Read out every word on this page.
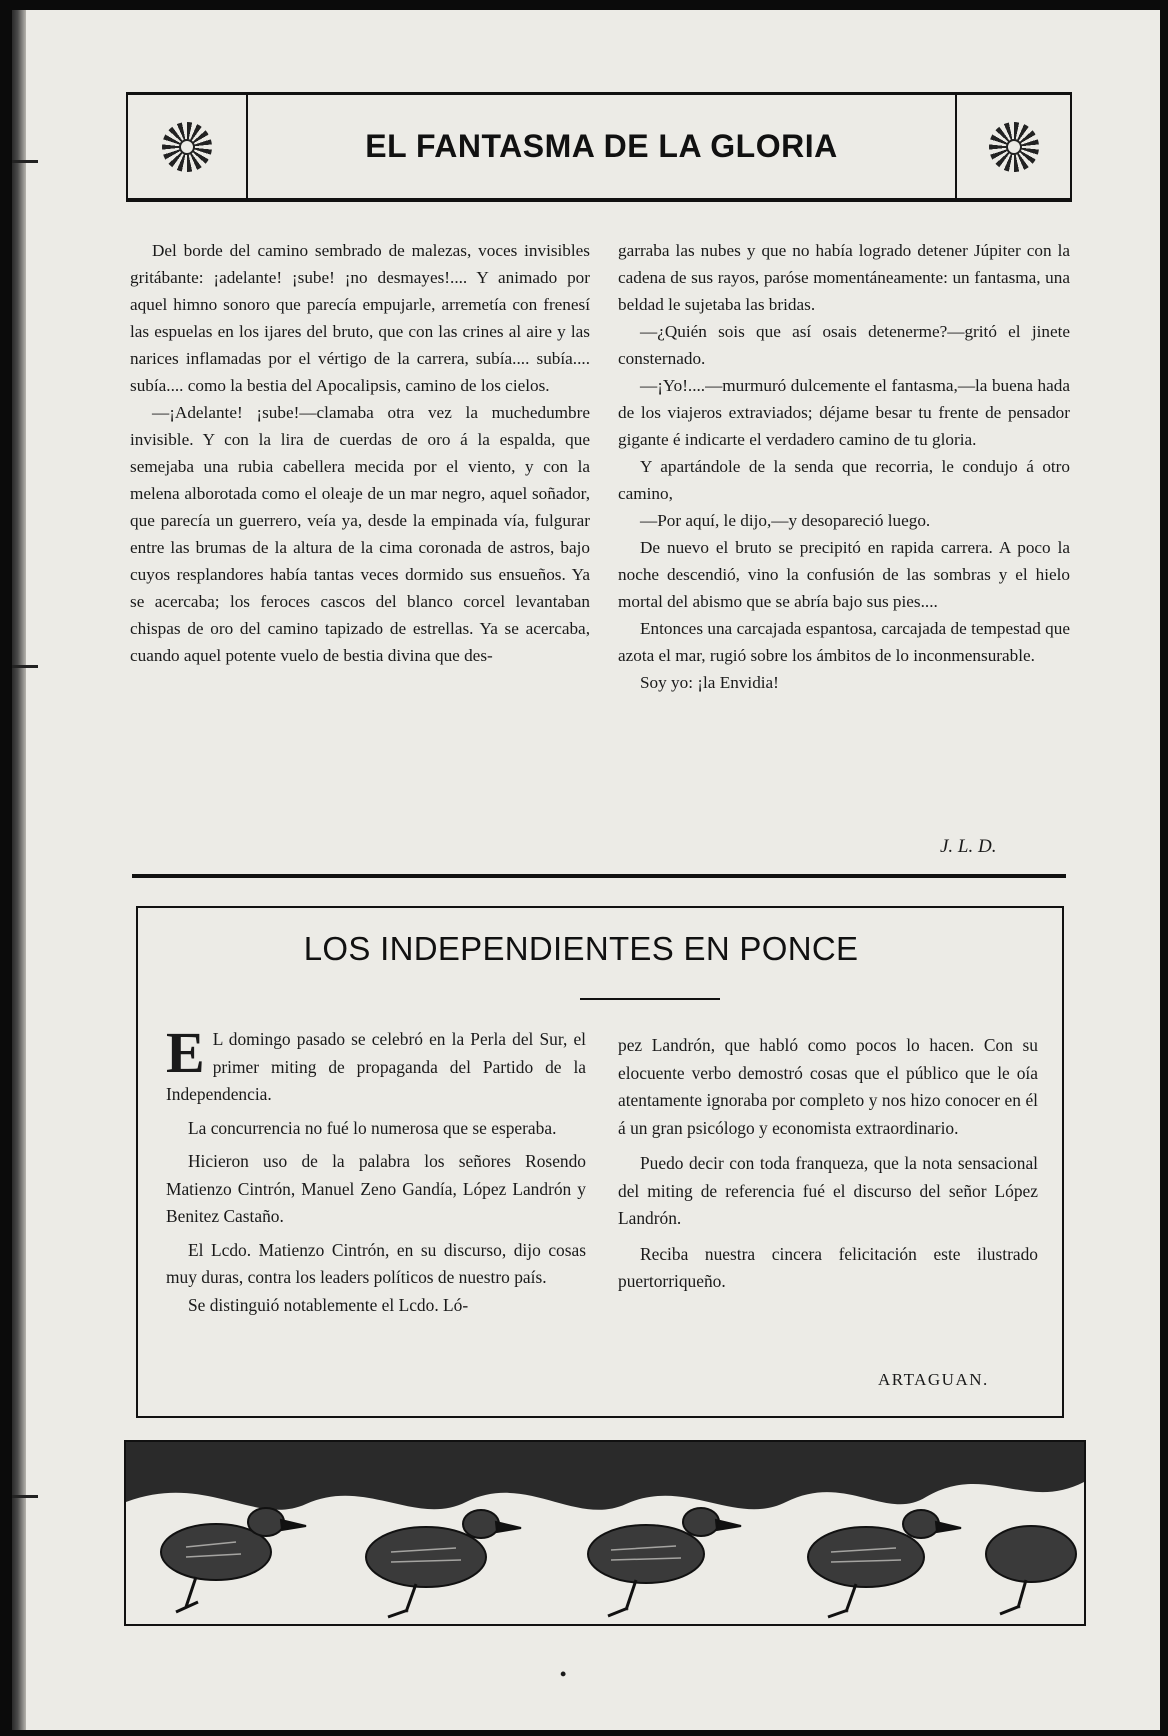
EL FANTASMA DE LA GLORIA

Del borde del camino sembrado de malezas, voces invisibles gritábante: ¡adelante! ¡sube! ¡no desmayes!.... Y animado por aquel himno sonoro que parecía empujarle, arremetía con frenesí las espuelas en los ijares del bruto, que con las crines al aire y las narices inflamadas por el vértigo de la carrera, subía.... subía.... subía.... como la bestia del Apocalipsis, camino de los cielos.

—¡Adelante! ¡sube!—clamaba otra vez la muchedumbre invisible. Y con la lira de cuerdas de oro á la espalda, que semejaba una rubia cabellera mecida por el viento, y con la melena alborotada como el oleaje de un mar negro, aquel soñador, que parecía un guerrero, veía ya, desde la empinada vía, fulgurar entre las brumas de la altura de la cima coronada de astros, bajo cuyos resplandores había tantas veces dormido sus ensueños. Ya se acercaba; los feroces cascos del blanco corcel levantaban chispas de oro del camino tapizado de estrellas. Ya se acercaba, cuando aquel potente vuelo de bestia divina que des-

garraba las nubes y que no había logrado detener Júpiter con la cadena de sus rayos, paróse momentáneamente: un fantasma, una beldad le sujetaba las bridas.

—¿Quién sois que así osais detenerme?—gritó el jinete consternado.

—¡Yo!....—murmuró dulcemente el fantasma,—la buena hada de los viajeros extraviados; déjame besar tu frente de pensador gigante é indicarte el verdadero camino de tu gloria.

Y apartándole de la senda que recorria, le condujo á otro camino,

—Por aquí, le dijo,—y desopareció luego.

De nuevo el bruto se precipitó en rapida carrera. A poco la noche descendió, vino la confusión de las sombras y el hielo mortal del abismo que se abría bajo sus pies....

Entonces una carcajada espantosa, carcajada de tempestad que azota el mar, rugió sobre los ámbitos de lo inconmensurable.

Soy yo: ¡la Envidia!

J. L. D.
LOS INDEPENDIENTES EN PONCE

E L domingo pasado se celebró en la Perla del Sur, el primer miting de propaganda del Partido de la Independencia.

La concurrencia no fué lo numerosa que se esperaba.

Hicieron uso de la palabra los señores Rosendo Matienzo Cintrón, Manuel Zeno Gandía, López Landrón y Benitez Castaño.

El Lcdo. Matienzo Cintrón, en su discurso, dijo cosas muy duras, contra los leaders políticos de nuestro país.

Se distinguió notablemente el Lcdo. Ló-

pez Landrón, que habló como pocos lo hacen. Con su elocuente verbo demostró cosas que el público que le oía atentamente ignoraba por completo y nos hizo conocer en él á un gran psicólogo y economista extraordinario.

Puedo decir con toda franqueza, que la nota sensacional del miting de referencia fué el discurso del señor López Landrón.

Reciba nuestra cincera felicitación este ilustrado puertorriqueño.

ARTAGUAN.
•
